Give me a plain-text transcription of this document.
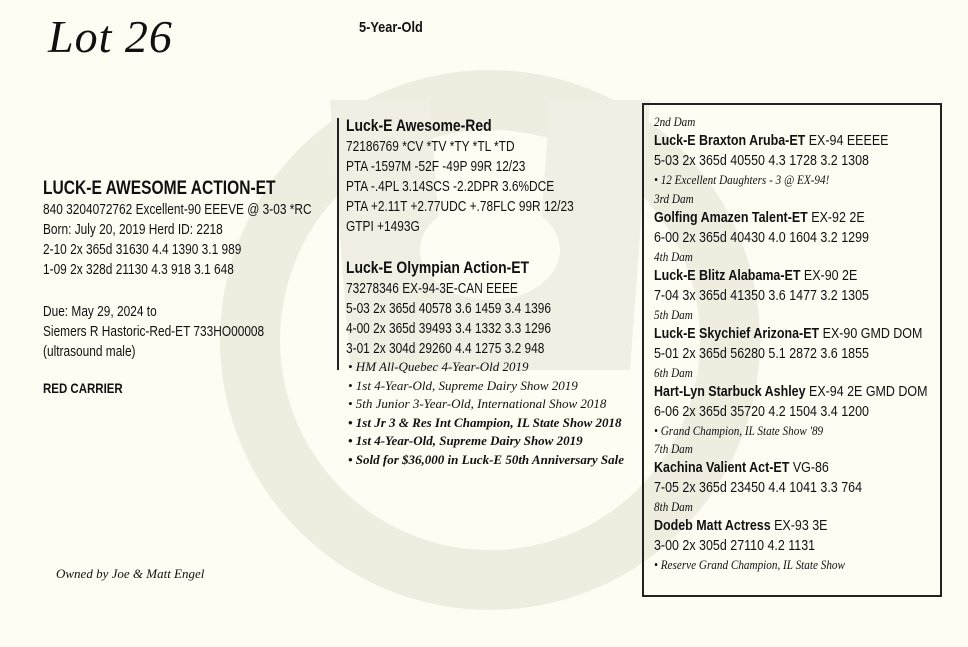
Lot 26	5-Year-Old
LUCK-E AWESOME ACTION-ET
840 3204072762 Excellent-90 EEEVE @ 3-03 *RC
Born: July 20, 2019 Herd ID: 2218
2-10 2x 365d 31630 4.4 1390 3.1 989
1-09 2x 328d 21130 4.3 918 3.1 648
Due: May 29, 2024 to
Siemers R Hastoric-Red-ET 733HO00008
(ultrasound male)
RED CARRIER
Owned by Joe & Matt Engel
Luck-E Awesome-Red
72186769 *CV *TV *TY *TL *TD
PTA -1597M -52F -49P 99R 12/23
PTA -.4PL 3.14SCS -2.2DPR 3.6%DCE
PTA +2.11T +2.77UDC +.78FLC 99R 12/23
GTPI +1493G
Luck-E Olympian Action-ET
73278346 EX-94-3E-CAN EEEE
5-03 2x 365d 40578 3.6 1459 3.4 1396
4-00 2x 365d 39493 3.4 1332 3.3 1296
3-01 2x 304d 29260 4.4 1275 3.2 948
• HM All-Quebec 4-Year-Old 2019
• 1st 4-Year-Old, Supreme Dairy Show 2019
• 5th Junior 3-Year-Old, International Show 2018
• 1st Jr 3 & Res Int Champion, IL State Show 2018
• 1st 4-Year-Old, Supreme Dairy Show 2019
• Sold for $36,000 in Luck-E 50th Anniversary Sale
2nd Dam
Luck-E Braxton Aruba-ET EX-94 EEEEE
5-03 2x 365d 40550 4.3 1728 3.2 1308
• 12 Excellent Daughters - 3 @ EX-94!
3rd Dam
Golfing Amazen Talent-ET EX-92 2E
6-00 2x 365d 40430 4.0 1604 3.2 1299
4th Dam
Luck-E Blitz Alabama-ET EX-90 2E
7-04 3x 365d 41350 3.6 1477 3.2 1305
5th Dam
Luck-E Skychief Arizona-ET EX-90 GMD DOM
5-01 2x 365d 56280 5.1 2872 3.6 1855
6th Dam
Hart-Lyn Starbuck Ashley EX-94 2E GMD DOM
6-06 2x 365d 35720 4.2 1504 3.4 1200
• Grand Champion, IL State Show '89
7th Dam
Kachina Valient Act-ET VG-86
7-05 2x 365d 23450 4.4 1041 3.3 764
8th Dam
Dodeb Matt Actress EX-93 3E
3-00 2x 305d 27110 4.2 1131
• Reserve Grand Champion, IL State Show
